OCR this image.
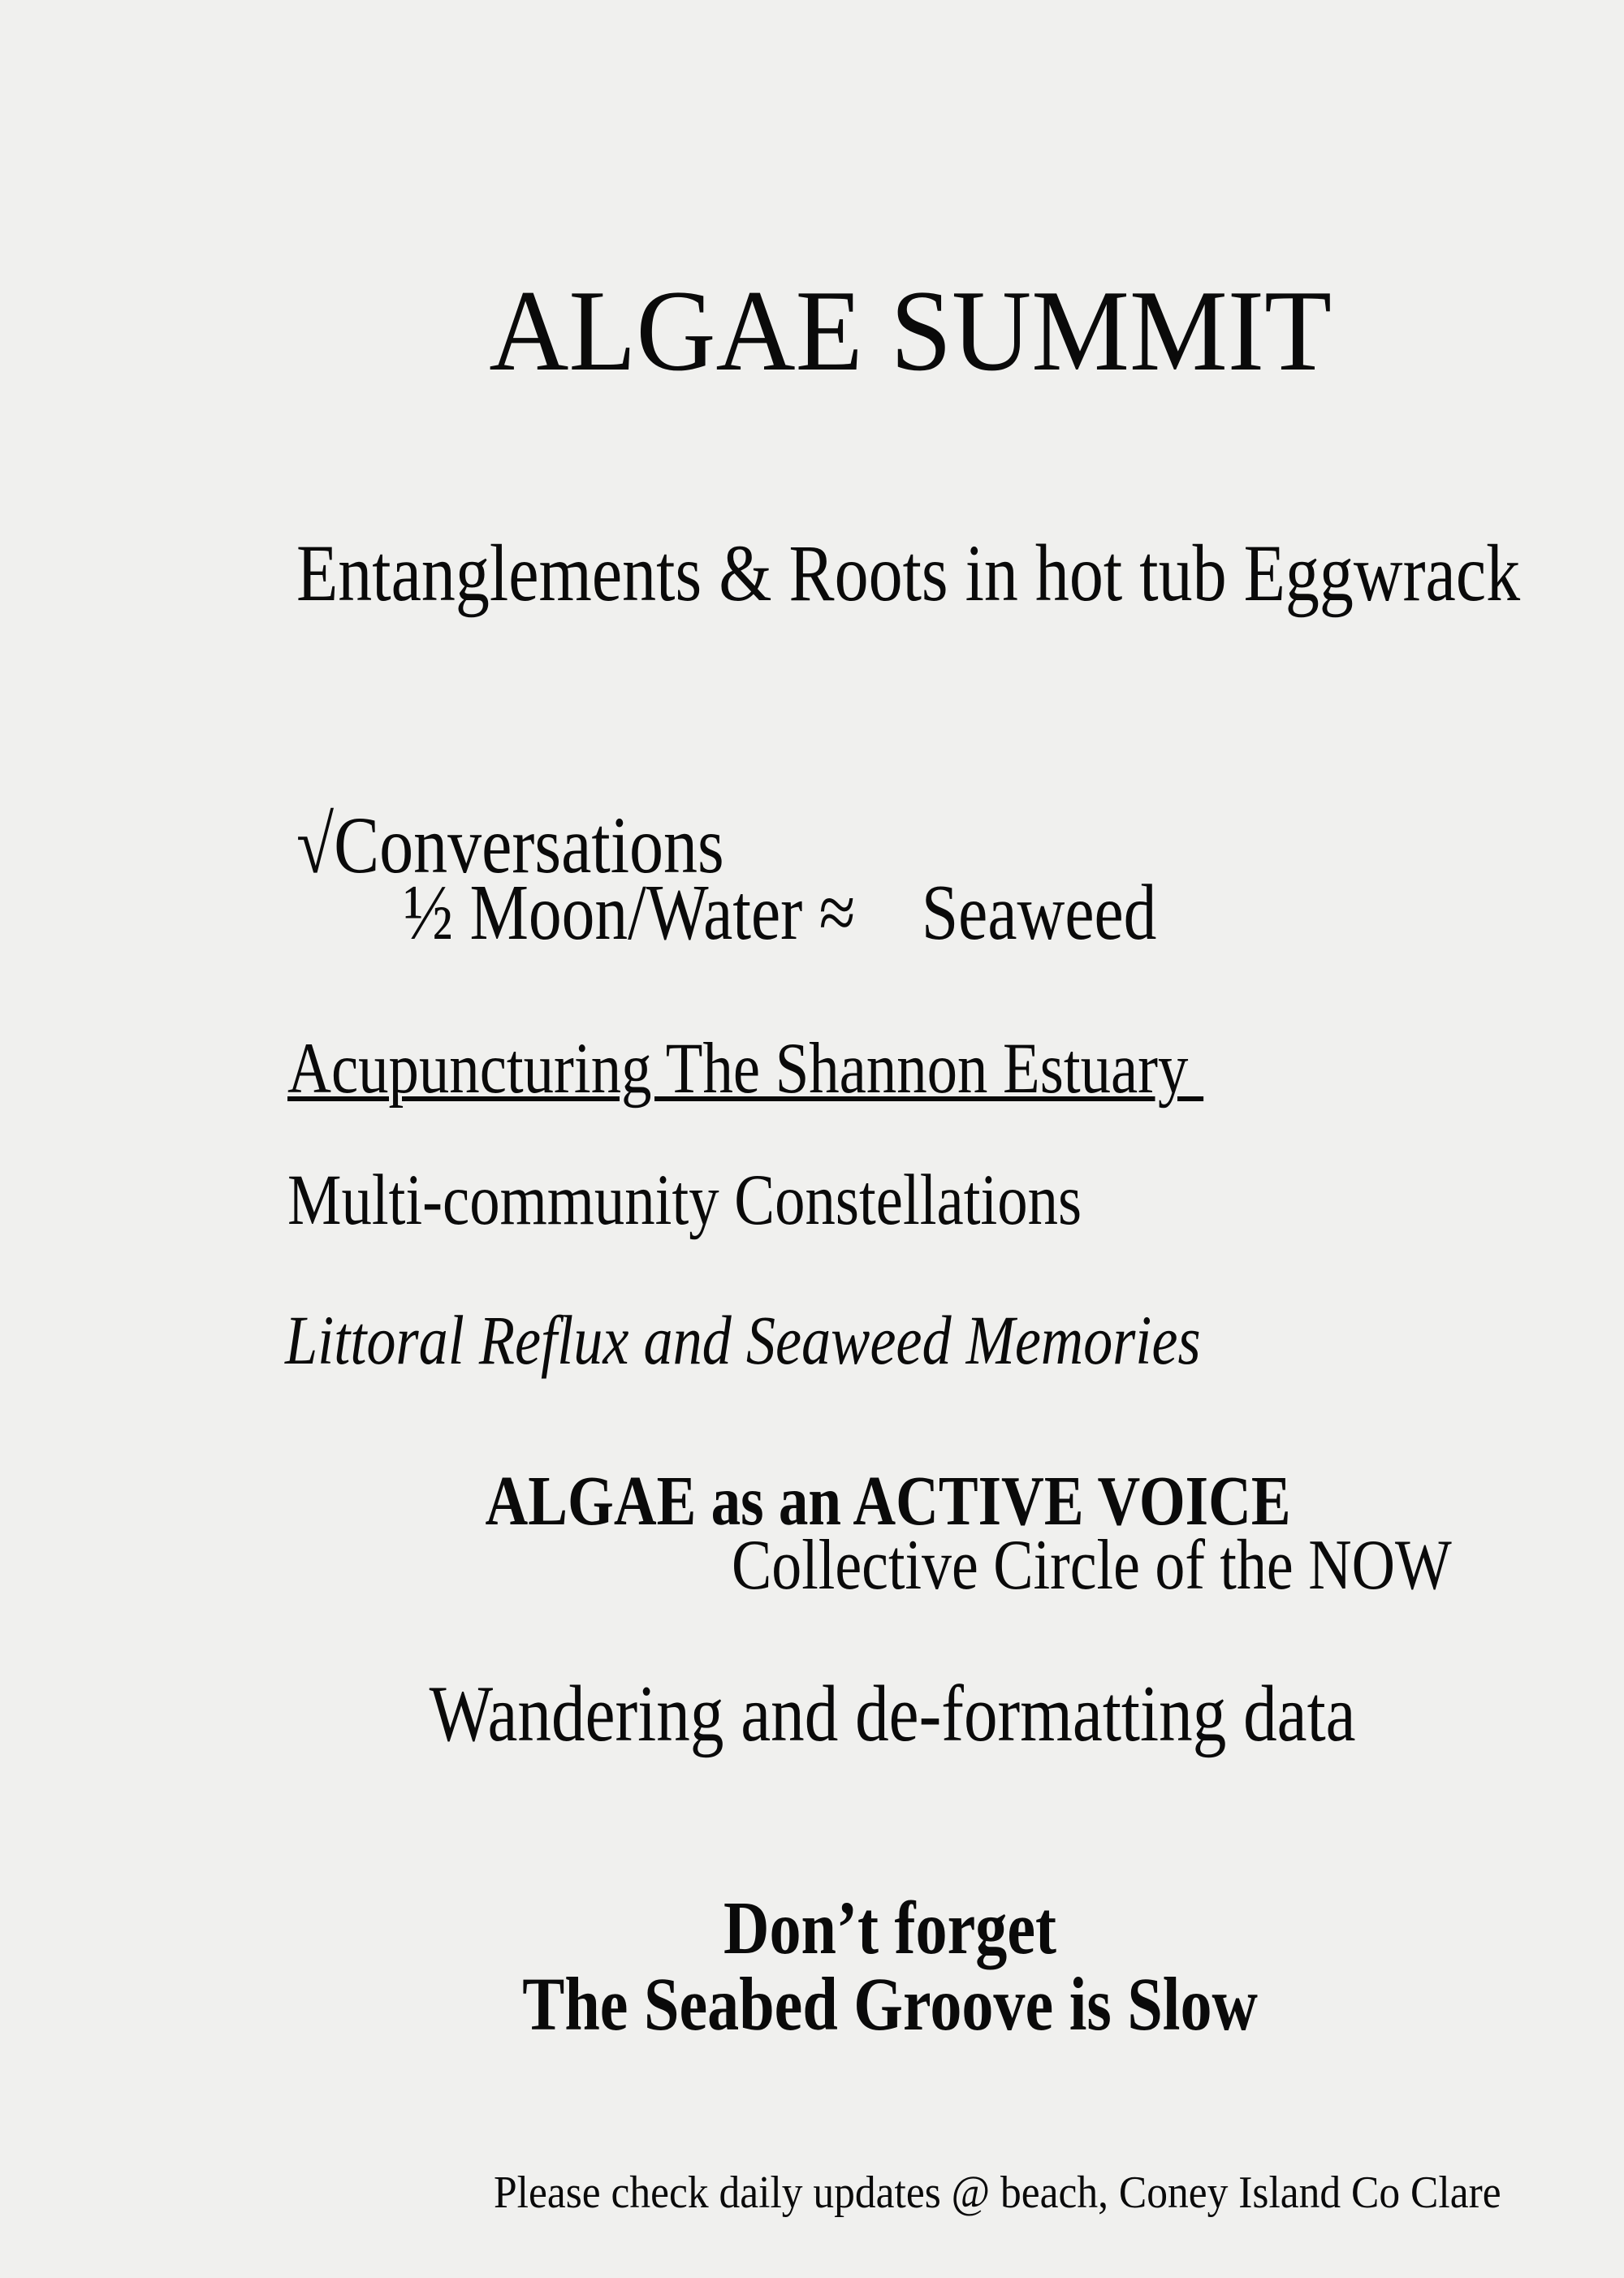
ALGAE SUMMIT

Entanglements & Roots in hot tub Eggwrack

√Conversations

½ Moon/Water ≈    Seaweed

Acupuncturing The Shannon Estuary

Multi-community Constellations

Littoral Reflux and Seaweed Memories

ALGAE as an ACTIVE VOICE

Collective Circle of the NOW

Wandering and de-formatting data

Don’t forget

The Seabed Groove is Slow

Please check daily updates @ beach, Coney Island Co Clare
